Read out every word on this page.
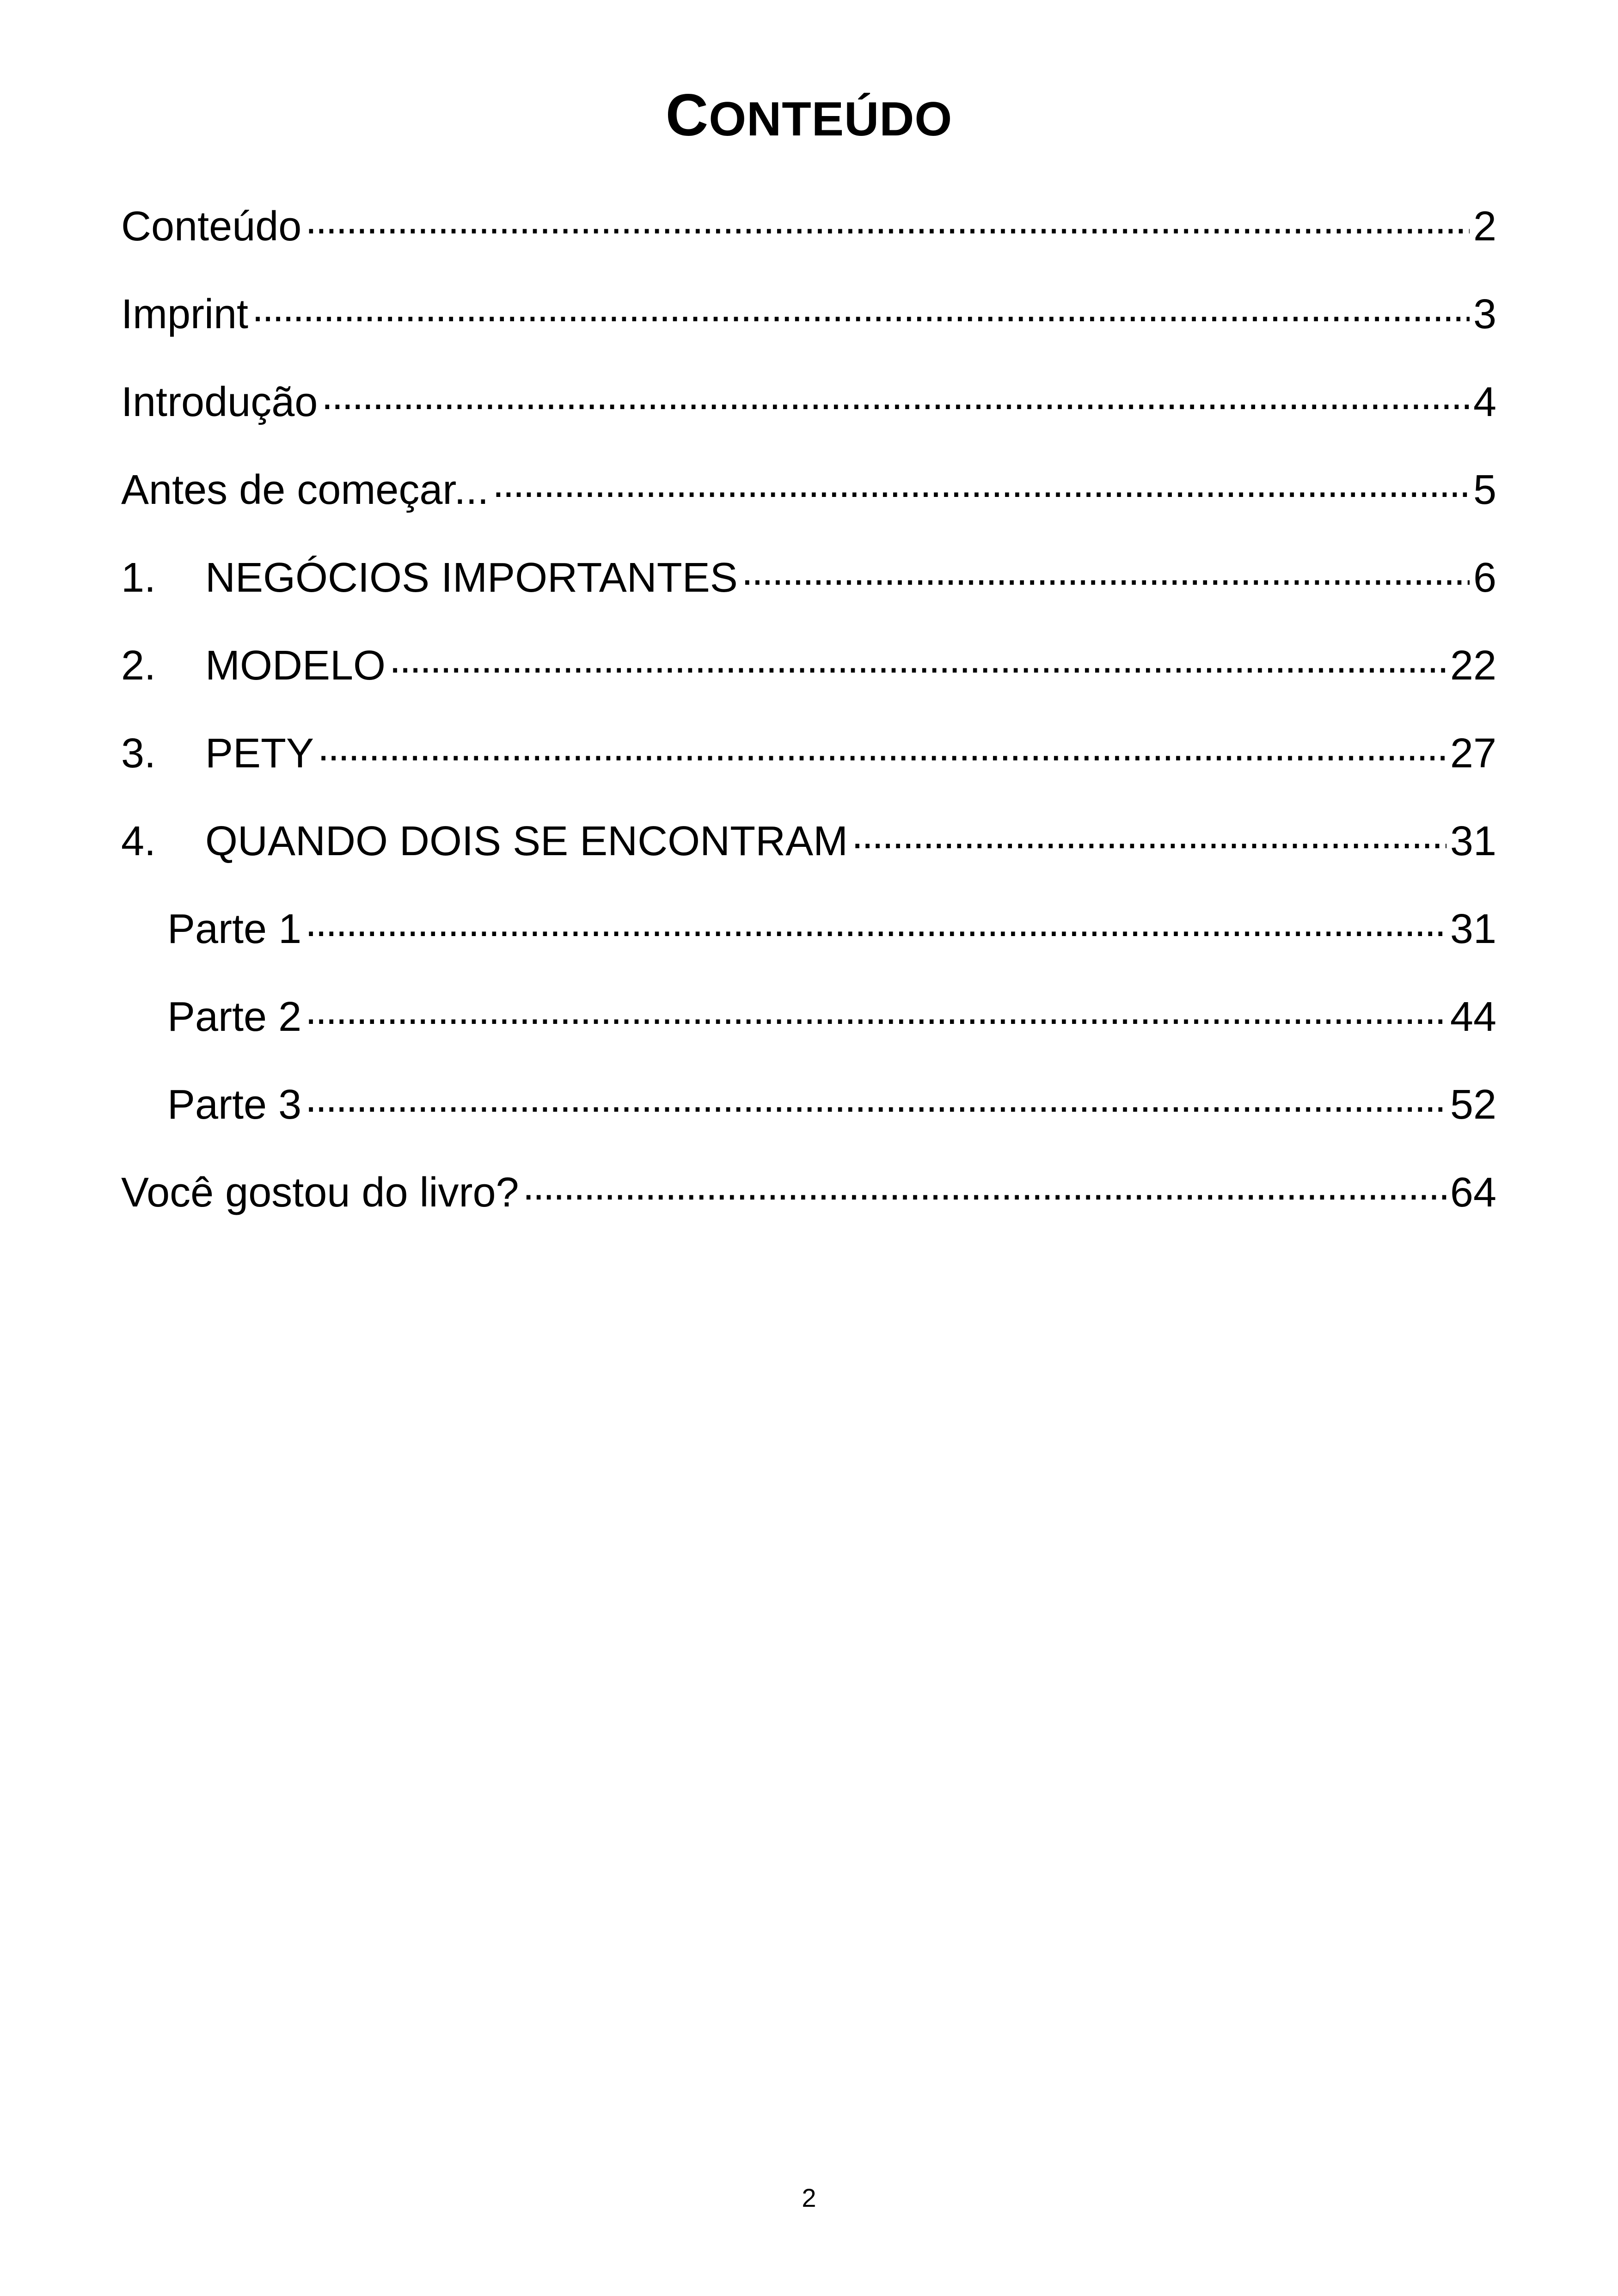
CONTEÚDO
Conteúdo . . .	2
Imprint . . .	3
Introdução . . .	4
Antes de começar... . . .	5
1.	NEGÓCIOS IMPORTANTES . . .	6
2.	MODELO . . .	22
3.	PETY . . .	27
4.	QUANDO DOIS SE ENCONTRAM . . .	31
Parte 1 . . .	31
Parte 2 . . .	44
Parte 3 . . .	52
Você gostou do livro? . . .	64
2
